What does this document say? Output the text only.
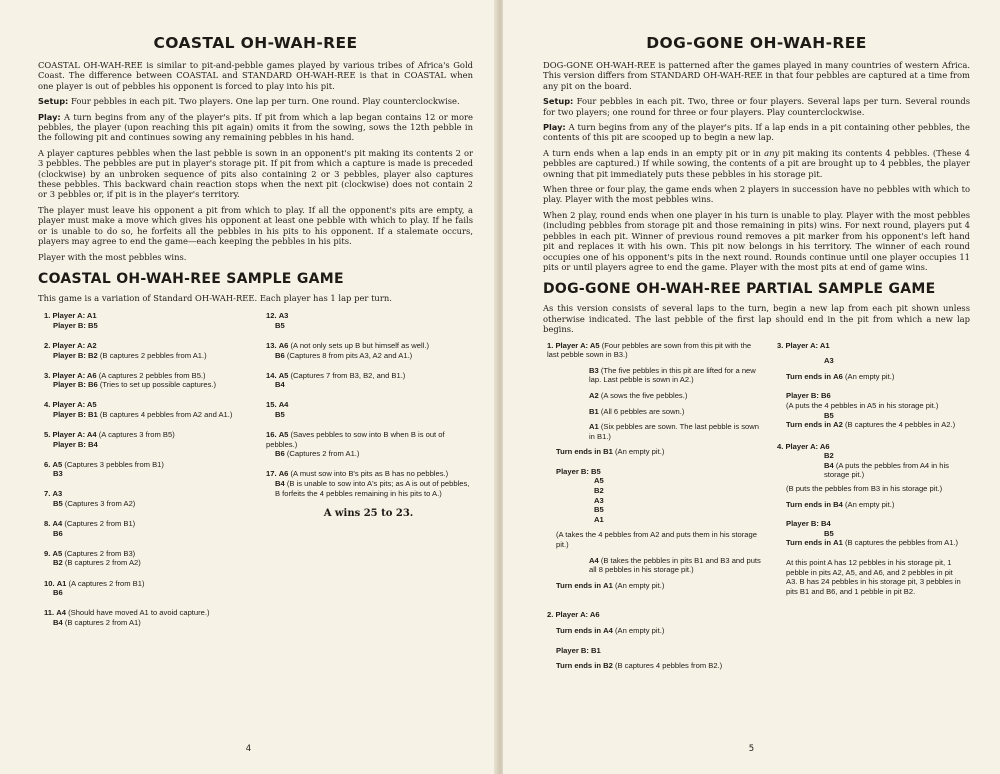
COASTAL OH-WAH-REE

COASTAL OH-WAH-REE is similar to pit-and-pebble games played by various tribes of Africa's Gold Coast. The difference between COASTAL and STANDARD OH-WAH-REE is that in COASTAL when one player is out of pebbles his opponent is forced to play into his pit.

Setup: Four pebbles in each pit. Two players. One lap per turn. One round. Play counterclockwise.

Play: A turn begins from any of the player's pits. If pit from which a lap began contains 12 or more pebbles, the player (upon reaching this pit again) omits it from the sowing, sows the 12th pebble in the following pit and continues sowing any remaining pebbles in his hand.

A player captures pebbles when the last pebble is sown in an opponent's pit making its contents 2 or 3 pebbles. The pebbles are put in player's storage pit. If pit from which a capture is made is preceded (clockwise) by an unbroken sequence of pits also containing 2 or 3 pebbles, player also captures these pebbles. This backward chain reaction stops when the next pit (clockwise) does not contain 2 or 3 pebbles or, if pit is in the player's territory.

The player must leave his opponent a pit from which to play. If all the opponent's pits are empty, a player must make a move which gives his opponent at least one pebble with which to play. If he fails or is unable to do so, he forfeits all the pebbles in his pits to his opponent. If a stalemate occurs, players may agree to end the game—each keeping the pebbles in his pits.

Player with the most pebbles wins.

COASTAL OH-WAH-REE SAMPLE GAME

This game is a variation of Standard OH-WAH-REE. Each player has 1 lap per turn.

1. Player A: A1
Player B: B5
2. Player A: A2
Player B: B2 (B captures 2 pebbles from A1.)
3. Player A: A6 (A captures 2 pebbles from B5.)
Player B: B6 (Tries to set up possible captures.)
4. Player A: A5
Player B: B1 (B captures 4 pebbles from A2 and A1.)
5. Player A: A4 (A captures 3 from B5)
Player B: B4
6. A5 (Captures 3 pebbles from B1)
B3
7. A3
B5 (Captures 3 from A2)
8. A4 (Captures 2 from B1)
B6
9. A5 (Captures 2 from B3)
B2 (B captures 2 from A2)
10. A1 (A captures 2 from B1)
B6
11. A4 (Should have moved A1 to avoid capture.)
B4 (B captures 2 from A1)
12. A3
B5
13. A6 (A not only sets up B but himself as well.)
B6 (Captures 8 from pits A3, A2 and A1.)
14. A5 (Captures 7 from B3, B2, and B1.)
B4
15. A4
B5
16. A5 (Saves pebbles to sow into B when B is out of pebbles.)
B6 (Captures 2 from A1.)
17. A6 (A must sow into B's pits as B has no pebbles.)
B4 (B is unable to sow into A's pits; as A is out of pebbles, B forfeits the 4 pebbles remaining in his pits to A.)
A wins 25 to 23.
4
DOG-GONE OH-WAH-REE

DOG-GONE OH-WAH-REE is patterned after the games played in many countries of western Africa. This version differs from STANDARD OH-WAH-REE in that four pebbles are captured at a time from any pit on the board.

Setup: Four pebbles in each pit. Two, three or four players. Several laps per turn. Several rounds for two players; one round for three or four players. Play counterclockwise.

Play: A turn begins from any of the player's pits. If a lap ends in a pit containing other pebbles, the contents of this pit are scooped up to begin a new lap.

A turn ends when a lap ends in an empty pit or in any pit making its contents 4 pebbles. (These 4 pebbles are captured.) If while sowing, the contents of a pit are brought up to 4 pebbles, the player owning that pit immediately puts these pebbles in his storage pit.

When three or four play, the game ends when 2 players in succession have no pebbles with which to play. Player with the most pebbles wins.

When 2 play, round ends when one player in his turn is unable to play. Player with the most pebbles (including pebbles from storage pit and those remaining in pits) wins. For next round, players put 4 pebbles in each pit. Winner of previous round removes a pit marker from his opponent's left hand pit and replaces it with his own. This pit now belongs in his territory. The winner of each round occupies one of his opponent's pits in the next round. Rounds continue until one player occupies 11 pits or until players agree to end the game. Player with the most pits at end of game wins.

DOG-GONE OH-WAH-REE PARTIAL SAMPLE GAME

As this version consists of several laps to the turn, begin a new lap from each pit shown unless otherwise indicated. The last pebble of the first lap should end in the pit from which a new lap begins.

1. Player A: A5 (Four pebbles are sown from this pit with the last pebble sown in B3.)
B3 (The five pebbles in this pit are lifted for a new lap. Last pebble is sown in A2.)
A2 (A sows the five pebbles.)
B1 (All 6 pebbles are sown.)
A1 (Six pebbles are sown. The last pebble is sown in B1.)
Turn ends in B1 (An empty pit.)
Player B: B5
A5
B2
A3
B5
A1
(A takes the 4 pebbles from A2 and puts them in his storage pit.)
A4 (B takes the pebbles in pits B1 and B3 and puts all 8 pebbles in his storage pit.)
Turn ends in A1 (An empty pit.)
2. Player A: A6
Turn ends in A4 (An empty pit.)
Player B: B1
Turn ends in B2 (B captures 4 pebbles from B2.)
3. Player A: A1
A3
Turn ends in A6 (An empty pit.)
Player B: B6
(A puts the 4 pebbles in A5 in his storage pit.)
B5
Turn ends in A2 (B captures the 4 pebbles in A2.)
4. Player A: A6
B2
B4 (A puts the pebbles from A4 in his storage pit.)
(B puts the pebbles from B3 in his storage pit.)
Turn ends in B4 (An empty pit.)
Player B: B4
B5
Turn ends in A1 (B captures the pebbles from A1.)
At this point A has 12 pebbles in his storage pit, 1 pebble in pits A2, A5, and A6, and 2 pebbles in pit A3. B has 24 pebbles in his storage pit, 3 pebbles in pits B1 and B6, and 1 pebble in pit B2.
5
